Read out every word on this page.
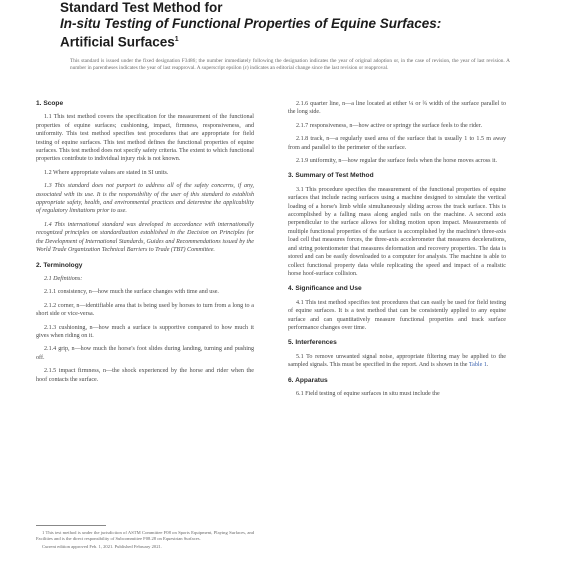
Standard Test Method for
In-situ Testing of Functional Properties of Equine Surfaces:
Artificial Surfaces$^1$
This standard is issued under the fixed designation F3486; the number immediately following the designation indicates the year of original adoption or, in the case of revision, the year of last revision. A number in parentheses indicates the year of last reapproval. A superscript epsilon (ε) indicates an editorial change since the last revision or reapproval.
1. Scope

1.1 This test method covers the specification for the measurement of the functional properties of equine surfaces; cushioning, impact, firmness, responsiveness, and uniformity. This test method specifies test procedures that are appropriate for field testing of equine surfaces. This test method defines the functional properties of equine surfaces. This test method does not specify safety criteria. The extent to which functional properties contribute to individual injury risk is not known.

1.2 Where appropriate values are stated in SI units.

1.3 This standard does not purport to address all of the safety concerns, if any, associated with its use. It is the responsibility of the user of this standard to establish appropriate safety, health, and environmental practices and determine the applicability of regulatory limitations prior to use.

1.4 This international standard was developed in accordance with internationally recognized principles on standardization established in the Decision on Principles for the Development of International Standards, Guides and Recommendations issued by the World Trade Organization Technical Barriers to Trade (TBT) Committee.

2. Terminology

2.1 Definitions:

2.1.1 consistency, n—how much the surface changes with time and use.

2.1.2 corner, n—identifiable area that is being used by horses to turn from a long to a short side or vice-versa.

2.1.3 cushioning, n—how much a surface is supportive compared to how much it gives when riding on it.

2.1.4 grip, n—how much the horse's foot slides during landing, turning and pushing off.

2.1.5 impact firmness, n—the shock experienced by the horse and rider when the hoof contacts the surface.

2.1.6 quarter line, n—a line located at either ¼ or ¾ width of the surface parallel to the long side.

2.1.7 responsiveness, n—how active or springy the surface feels to the rider.

2.1.8 track, n—a regularly used area of the surface that is usually 1 to 1.5 m away from and parallel to the perimeter of the surface.

2.1.9 uniformity, n—how regular the surface feels when the horse moves across it.

3. Summary of Test Method

3.1 This procedure specifies the measurement of the functional properties of equine surfaces that include racing surfaces using a machine designed to simulate the vertical loading of a horse's limb while simultaneously sliding across the track surface. This is accomplished by a falling mass along angled rails on the machine. A second axis perpendicular to the surface allows for sliding motion upon impact. Measurements of multiple functional properties of the surface is accomplished by the machine's three-axis load cell that measures forces, the three-axis accelerometer that measures decelerations, and string potentiometer that measures deformation and recovery properties. The data is stored and can be easily downloaded to a computer for analysis. The machine is able to collect functional property data while replicating the speed and impact of a realistic horse hoof-surface collision.

4. Significance and Use

4.1 This test method specifies test procedures that can easily be used for field testing of equine surfaces. It is a test method that can be consistently applied to any equine surface and can quantitatively measure functional properties and track surface performance changes over time.

5. Interferences

5.1 To remove unwanted signal noise, appropriate filtering may be applied to the sampled signals. This must be specified in the report. And is shown in the Table 1.

6. Apparatus

6.1 Field testing of equine surfaces in situ must include the

1 This test method is under the jurisdiction of ASTM Committee F08 on Sports Equipment, Playing Surfaces, and Facilities and is the direct responsibility of Subcommittee F08.28 on Equestrian Surfaces.

Current edition approved Feb. 1, 2021. Published February 2021.
